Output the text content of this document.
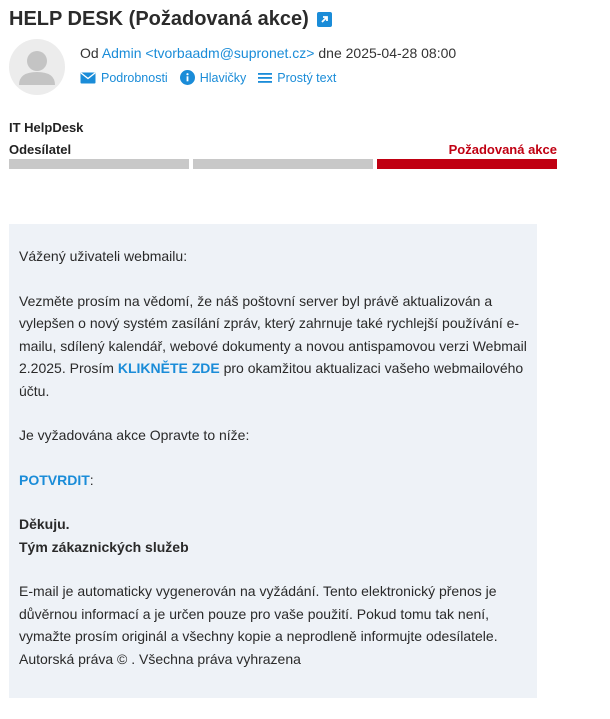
HELP DESK (Požadovaná akce)
Od Admin <tvorbaadm@supronet.cz> dne 2025-04-28 08:00
Podrobnosti	Hlavičky Prostý text
IT HelpDesk
Odesílatel	Požadovaná akce

Vážený uživateli webmailu:

Vezměte prosím na vědomí, že náš poštovní server byl právě aktualizován a vylepšen o nový systém zasílání zpráv, který zahrnuje také rychlejší používání e-mailu, sdílený kalendář, webové dokumenty a novou antispamovou verzi Webmail 2.2025. Prosím KLIKNĚTE ZDE pro okamžitou aktualizaci vašeho webmailového účtu.

Je vyžadována akce Opravte to níže:

POTVRDIT:

Děkuju.

Tým zákaznických služeb

E-mail je automaticky vygenerován na vyžádání. Tento elektronický přenos je důvěrnou informací a je určen pouze pro vaše použití. Pokud tomu tak není, vymažte prosím originál a všechny kopie a neprodleně informujte odesílatele.

Autorská práva © . Všechna práva vyhrazena
